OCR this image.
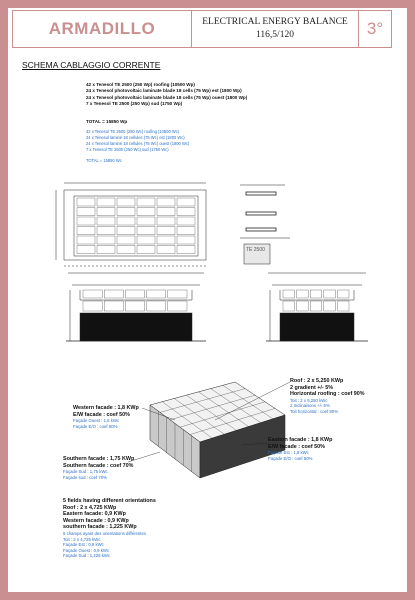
ARMADILLO	ELECTRICAL ENERGY BALANCE
116,5/120	3°
SCHEMA CABLAGGIO CORRENTE
42 x Tenesol TE 2500 (250 Wp) roofing (10500 Wp)
24 x Tenesol photovoltaic laminate blade 18 cells (75 Wp) est (1800 Wp)
24 x Tenesol photovoltaic laminate blade 18 cells (75 Wp) ouest (1800 Wp)
7 x Tenesol TE 2500 (250 Wp) sud (1750 Wp)
TOTAL = 15850 Wp
42 x Tenesol TE 2500 (250 Wc) roofing (10500 Wc)
24 x Tenesol laminé 18 cellules (75 Wc) est (1800 Wc)
24 x Tenesol laminé 18 cellules (75 Wc) ouest (1800 Wc)
7 x Tenesol TE 2500 (250 Wc) sud (1750 Wc)
TOTAL = 15850 Wc
TE 2500
Roof : 2 x 5,250 KWp
2 gradient +/- 5%
Horizontal roofing : coef 90%
Toit : 2 x 5,250 kWc
2 Inclinaisons +/- 5%
Toit horizontal : coef 90%
Western facade : 1,8 KWp
E/W facade : coef 50%
Façade Ouest : 1,8 kWc
Façade E/O : coef 50%
Eastern facade : 1,8 KWp
E/W facade : coef 50%
Façade Est : 1,8 kWc
Façade E/O : coef 50%
Southern facade : 1,75 KWp
Southern facade : coef 70%
Façade Sud : 1,75 kWc
Façade sud : coef 70%
5 fields having different orientations
Roof : 2 x 4,725 KWp
Eastern facade: 0,9 KWp
Western facade : 0,9 KWp
southern facade : 1,225 KWp
5 champs ayant des orientations différentes
Toit : 2 x 4,725 kWc
Façade Est : 0,9 kWc
Façade Ouest : 0,9 kWc
Façade Sud : 1,225 kWc
